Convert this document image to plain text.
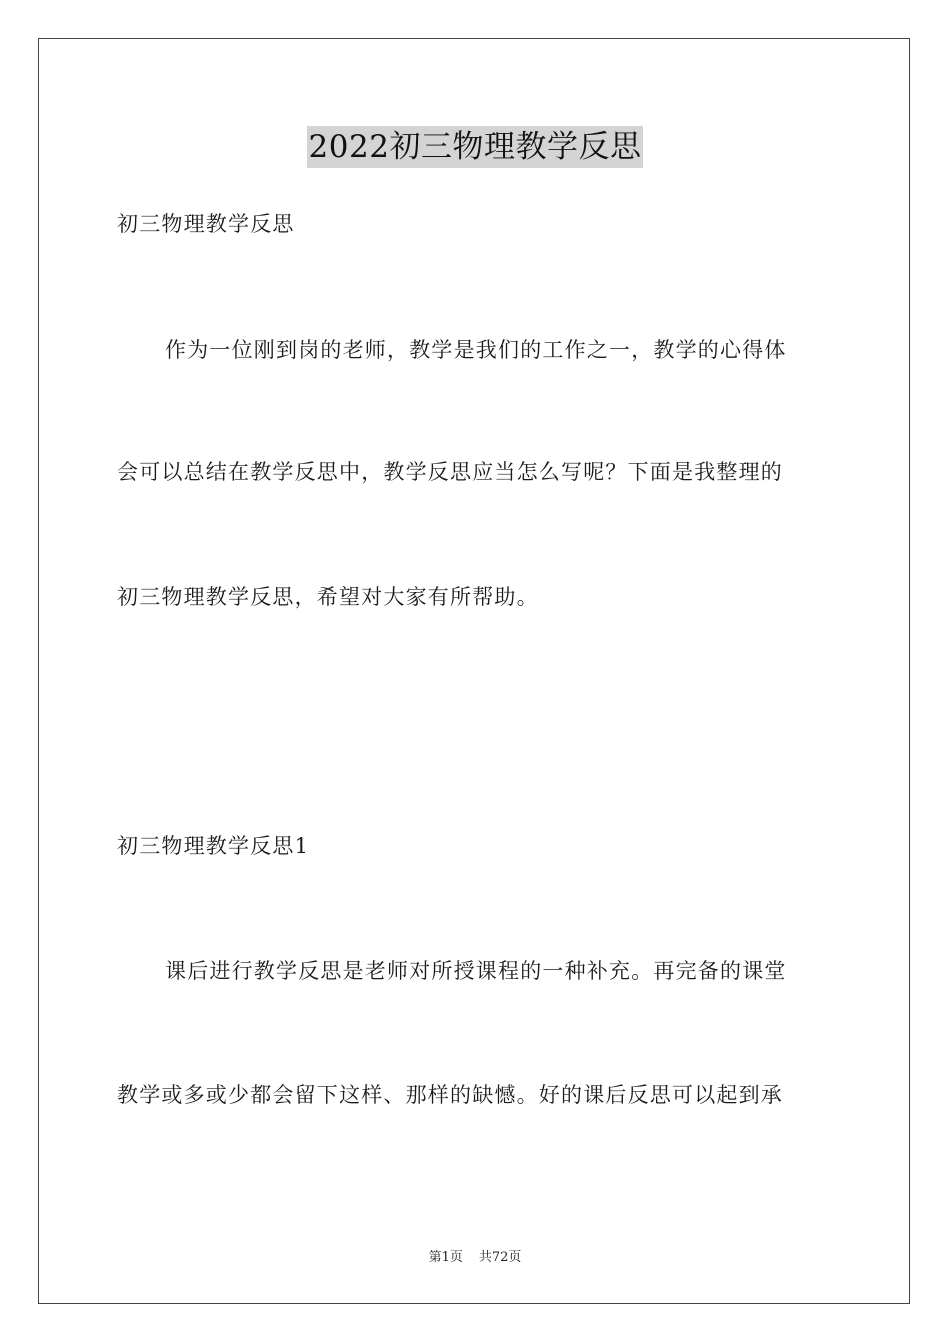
2022初三物理教学反思
初三物理教学反思
作为一位刚到岗的老师，教学是我们的工作之一，教学的心得体
会可以总结在教学反思中，教学反思应当怎么写呢？下面是我整理的
初三物理教学反思，希望对大家有所帮助。
初三物理教学反思1
课后进行教学反思是老师对所授课程的一种补充。再完备的课堂
教学或多或少都会留下这样、那样的缺憾。好的课后反思可以起到承
第1页 共72页
